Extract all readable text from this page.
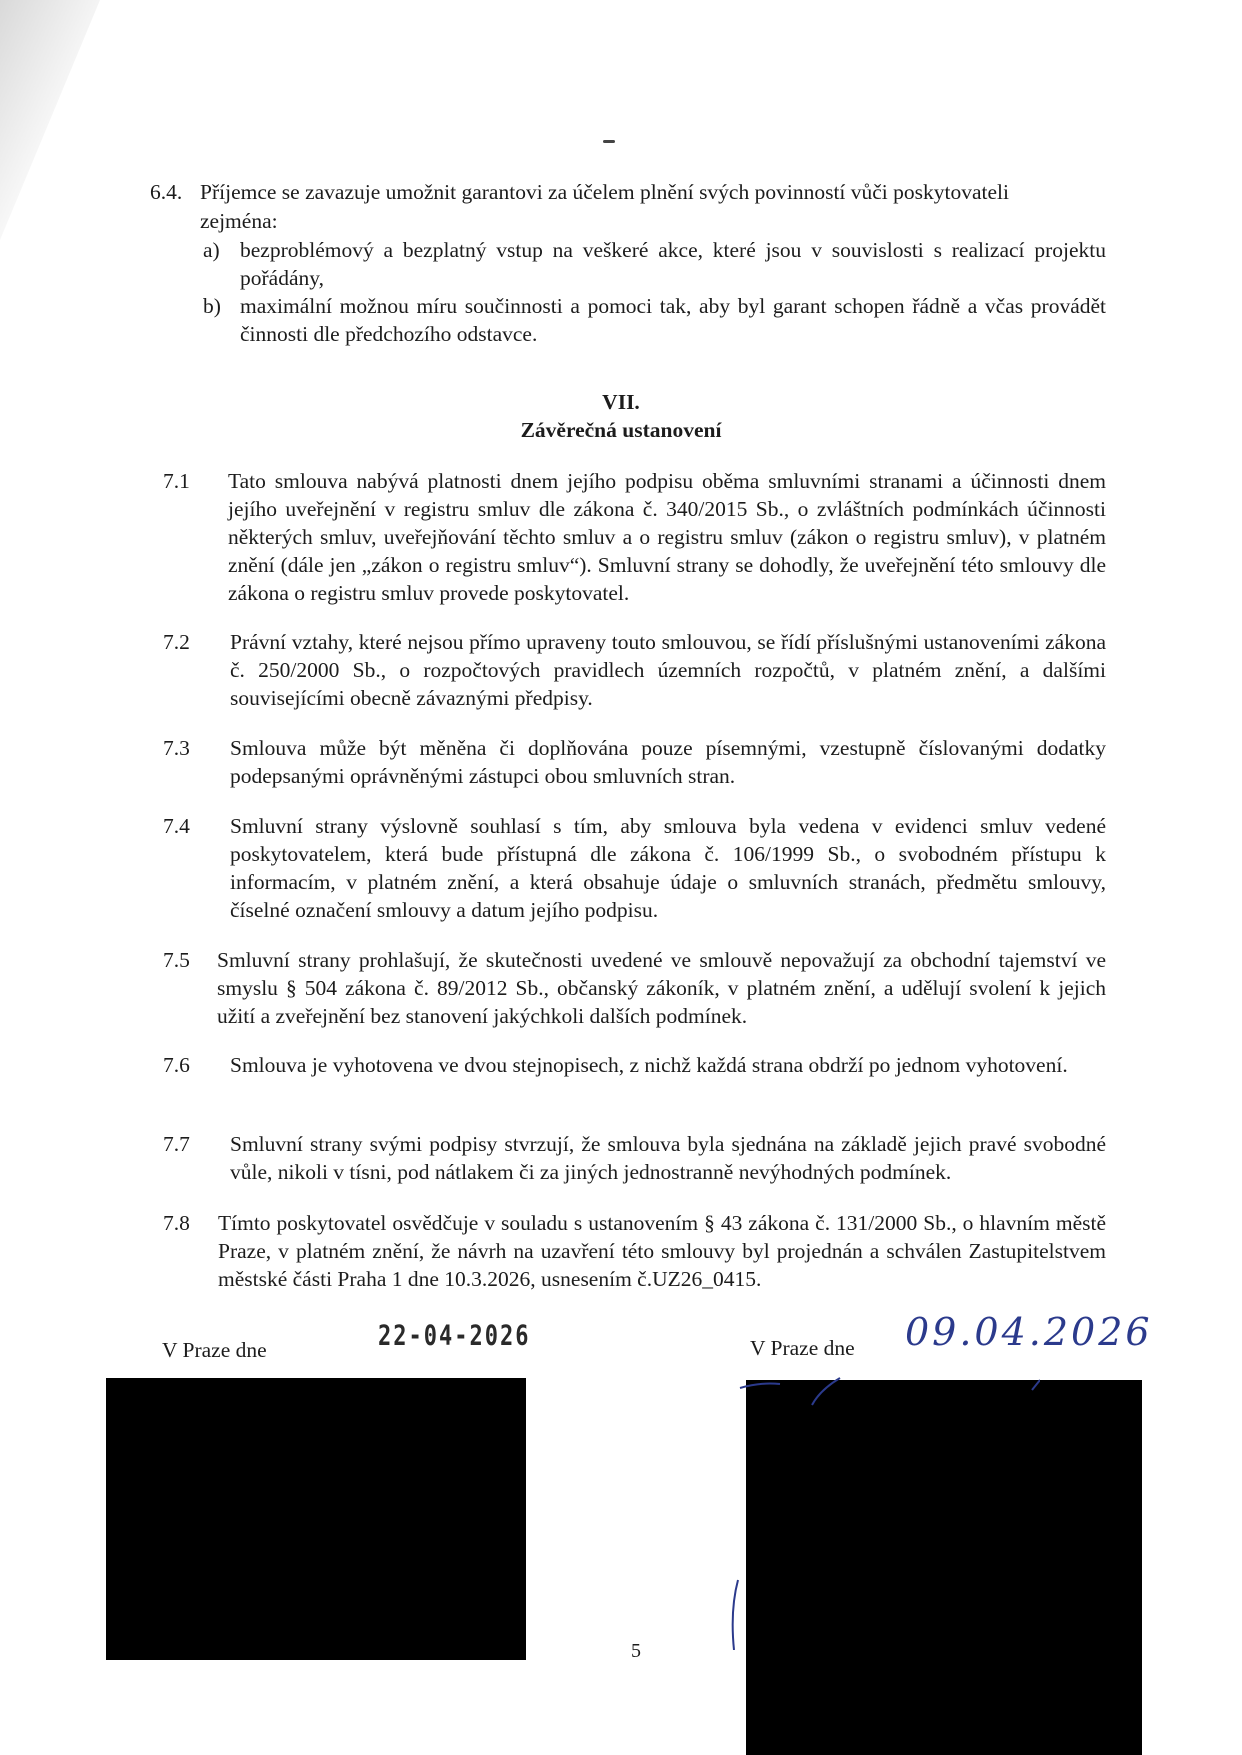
6.4. Příjemce se zavazuje umožnit garantovi za účelem plnění svých povinností vůči poskytovateli
zejména:
a) bezproblémový a bezplatný vstup na veškeré akce, které jsou v souvislosti s realizací projektu pořádány,
b) maximální možnou míru součinnosti a pomoci tak, aby byl garant schopen řádně a včas provádět činnosti dle předchozího odstavce.
VII.
Závěrečná ustanovení
7.1 Tato smlouva nabývá platnosti dnem jejího podpisu oběma smluvními stranami a účinnosti dnem jejího uveřejnění v registru smluv dle zákona č. 340/2015 Sb., o zvláštních podmínkách účinnosti některých smluv, uveřejňování těchto smluv a o registru smluv (zákon o registru smluv), v platném znění (dále jen „zákon o registru smluv“). Smluvní strany se dohodly, že uveřejnění této smlouvy dle zákona o registru smluv provede poskytovatel.
7.2 Právní vztahy, které nejsou přímo upraveny touto smlouvou, se řídí příslušnými ustanoveními zákona č. 250/2000 Sb., o rozpočtových pravidlech územních rozpočtů, v platném znění, a dalšími souvisejícími obecně závaznými předpisy.
7.3 Smlouva může být měněna či doplňována pouze písemnými, vzestupně číslovanými dodatky podepsanými oprávněnými zástupci obou smluvních stran.
7.4 Smluvní strany výslovně souhlasí s tím, aby smlouva byla vedena v evidenci smluv vedené poskytovatelem, která bude přístupná dle zákona č. 106/1999 Sb., o svobodném přístupu k informacím, v platném znění, a která obsahuje údaje o smluvních stranách, předmětu smlouvy, číselné označení smlouvy a datum jejího podpisu.
7.5 Smluvní strany prohlašují, že skutečnosti uvedené ve smlouvě nepovažují za obchodní tajemství ve smyslu § 504 zákona č. 89/2012 Sb., občanský zákoník, v platném znění, a udělují svolení k jejich užití a zveřejnění bez stanovení jakýchkoli dalších podmínek.
7.6 Smlouva je vyhotovena ve dvou stejnopisech, z nichž každá strana obdrží po jednom vyhotovení.
7.7 Smluvní strany svými podpisy stvrzují, že smlouva byla sjednána na základě jejich pravé svobodné vůle, nikoli v tísni, pod nátlakem či za jiných jednostranně nevýhodných podmínek.
7.8 Tímto poskytovatel osvědčuje v souladu s ustanovením § 43 zákona č. 131/2000 Sb., o hlavním městě Praze, v platném znění, že návrh na uzavření této smlouvy byl projednán a schválen Zastupitelstvem městské části Praha 1 dne 10.3.2026, usnesením č.UZ26_0415.
V Praze dne	22-04-2026	V Praze dne 09.04.2026
5
